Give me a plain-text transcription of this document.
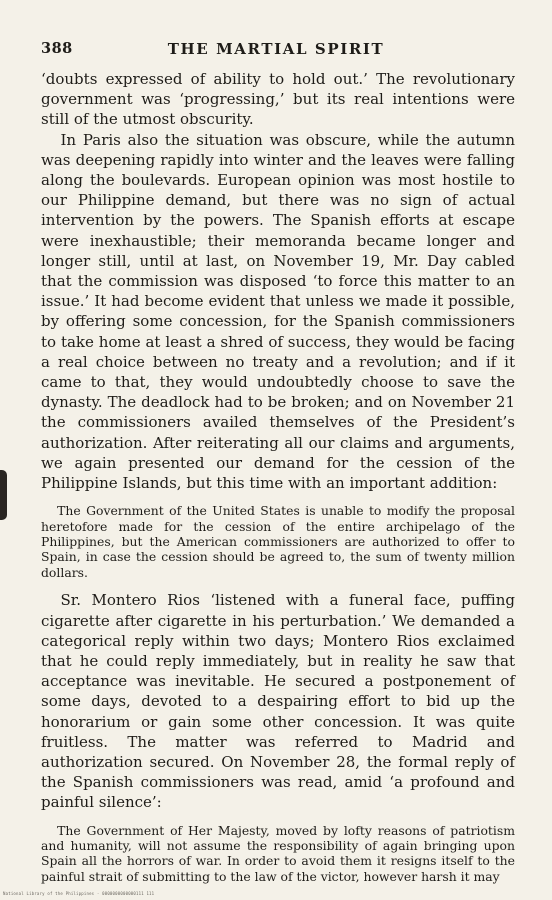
388	THE MARTIAL SPIRIT

‘doubts expressed of ability to hold out.’ The revolutionary government was ‘progressing,’ but its real intentions were still of the utmost obscurity.

In Paris also the situation was obscure, while the autumn was deepening rapidly into winter and the leaves were falling along the boulevards. European opinion was most hostile to our Philippine demand, but there was no sign of actual intervention by the powers. The Spanish efforts at escape were inexhaustible; their memoranda became longer and longer still, until at last, on November 19, Mr. Day cabled that the commission was disposed ‘to force this matter to an issue.’ It had become evident that unless we made it possible, by offering some concession, for the Spanish commissioners to take home at least a shred of success, they would be facing a real choice between no treaty and a revolution; and if it came to that, they would undoubtedly choose to save the dynasty. The deadlock had to be broken; and on November 21 the commissioners availed themselves of the President’s authorization. After reiterating all our claims and arguments, we again presented our demand for the cession of the Philippine Islands, but this time with an important addition:

The Government of the United States is unable to modify the proposal heretofore made for the cession of the entire archipelago of the Philippines, but the American commissioners are authorized to offer to Spain, in case the cession should be agreed to, the sum of twenty million dollars.

Sr. Montero Rios ‘listened with a funeral face, puffing cigarette after cigarette in his perturbation.’ We demanded a categorical reply within two days; Montero Rios exclaimed that he could reply immediately, but in reality he saw that acceptance was inevitable. He secured a postponement of some days, devoted to a despairing effort to bid up the honorarium or gain some other concession. It was quite fruitless. The matter was referred to Madrid and authorization secured. On November 28, the formal reply of the Spanish commissioners was read, amid ‘a profound and painful silence’:

The Government of Her Majesty, moved by lofty reasons of patriotism and humanity, will not assume the responsibility of again bringing upon Spain all the horrors of war. In order to avoid them it resigns itself to the painful strait of submitting to the law of the victor, however harsh it may
National Library of the Philippines · 0000000000000111 111
